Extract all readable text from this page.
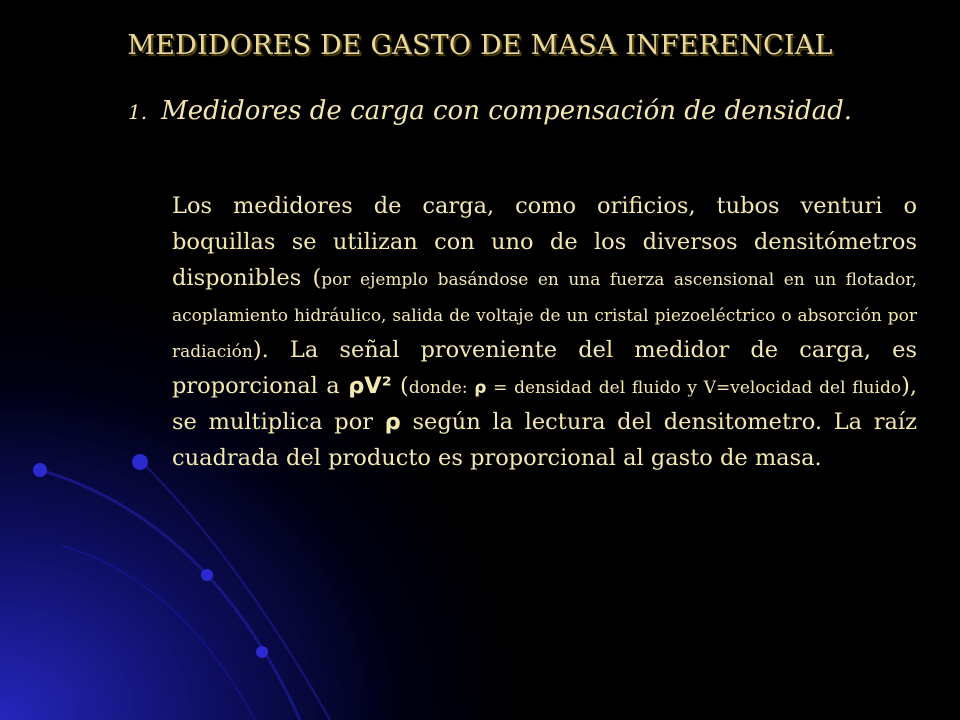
MEDIDORES DE GASTO DE MASA INFERENCIAL
1. Medidores de carga con compensación de densidad.
Los medidores de carga, como orificios, tubos venturi o boquillas se utilizan con uno de los diversos densitómetros disponibles (por ejemplo basándose en una fuerza ascensional en un flotador, acoplamiento hidráulico, salida de voltaje de un cristal piezoeléctrico o absorción por radiación). La señal proveniente del medidor de carga, es proporcional a ρV² (donde: ρ = densidad del fluido y V=velocidad del fluido), se multiplica por ρ según la lectura del densitometro. La raíz cuadrada del producto es proporcional al gasto de masa.
